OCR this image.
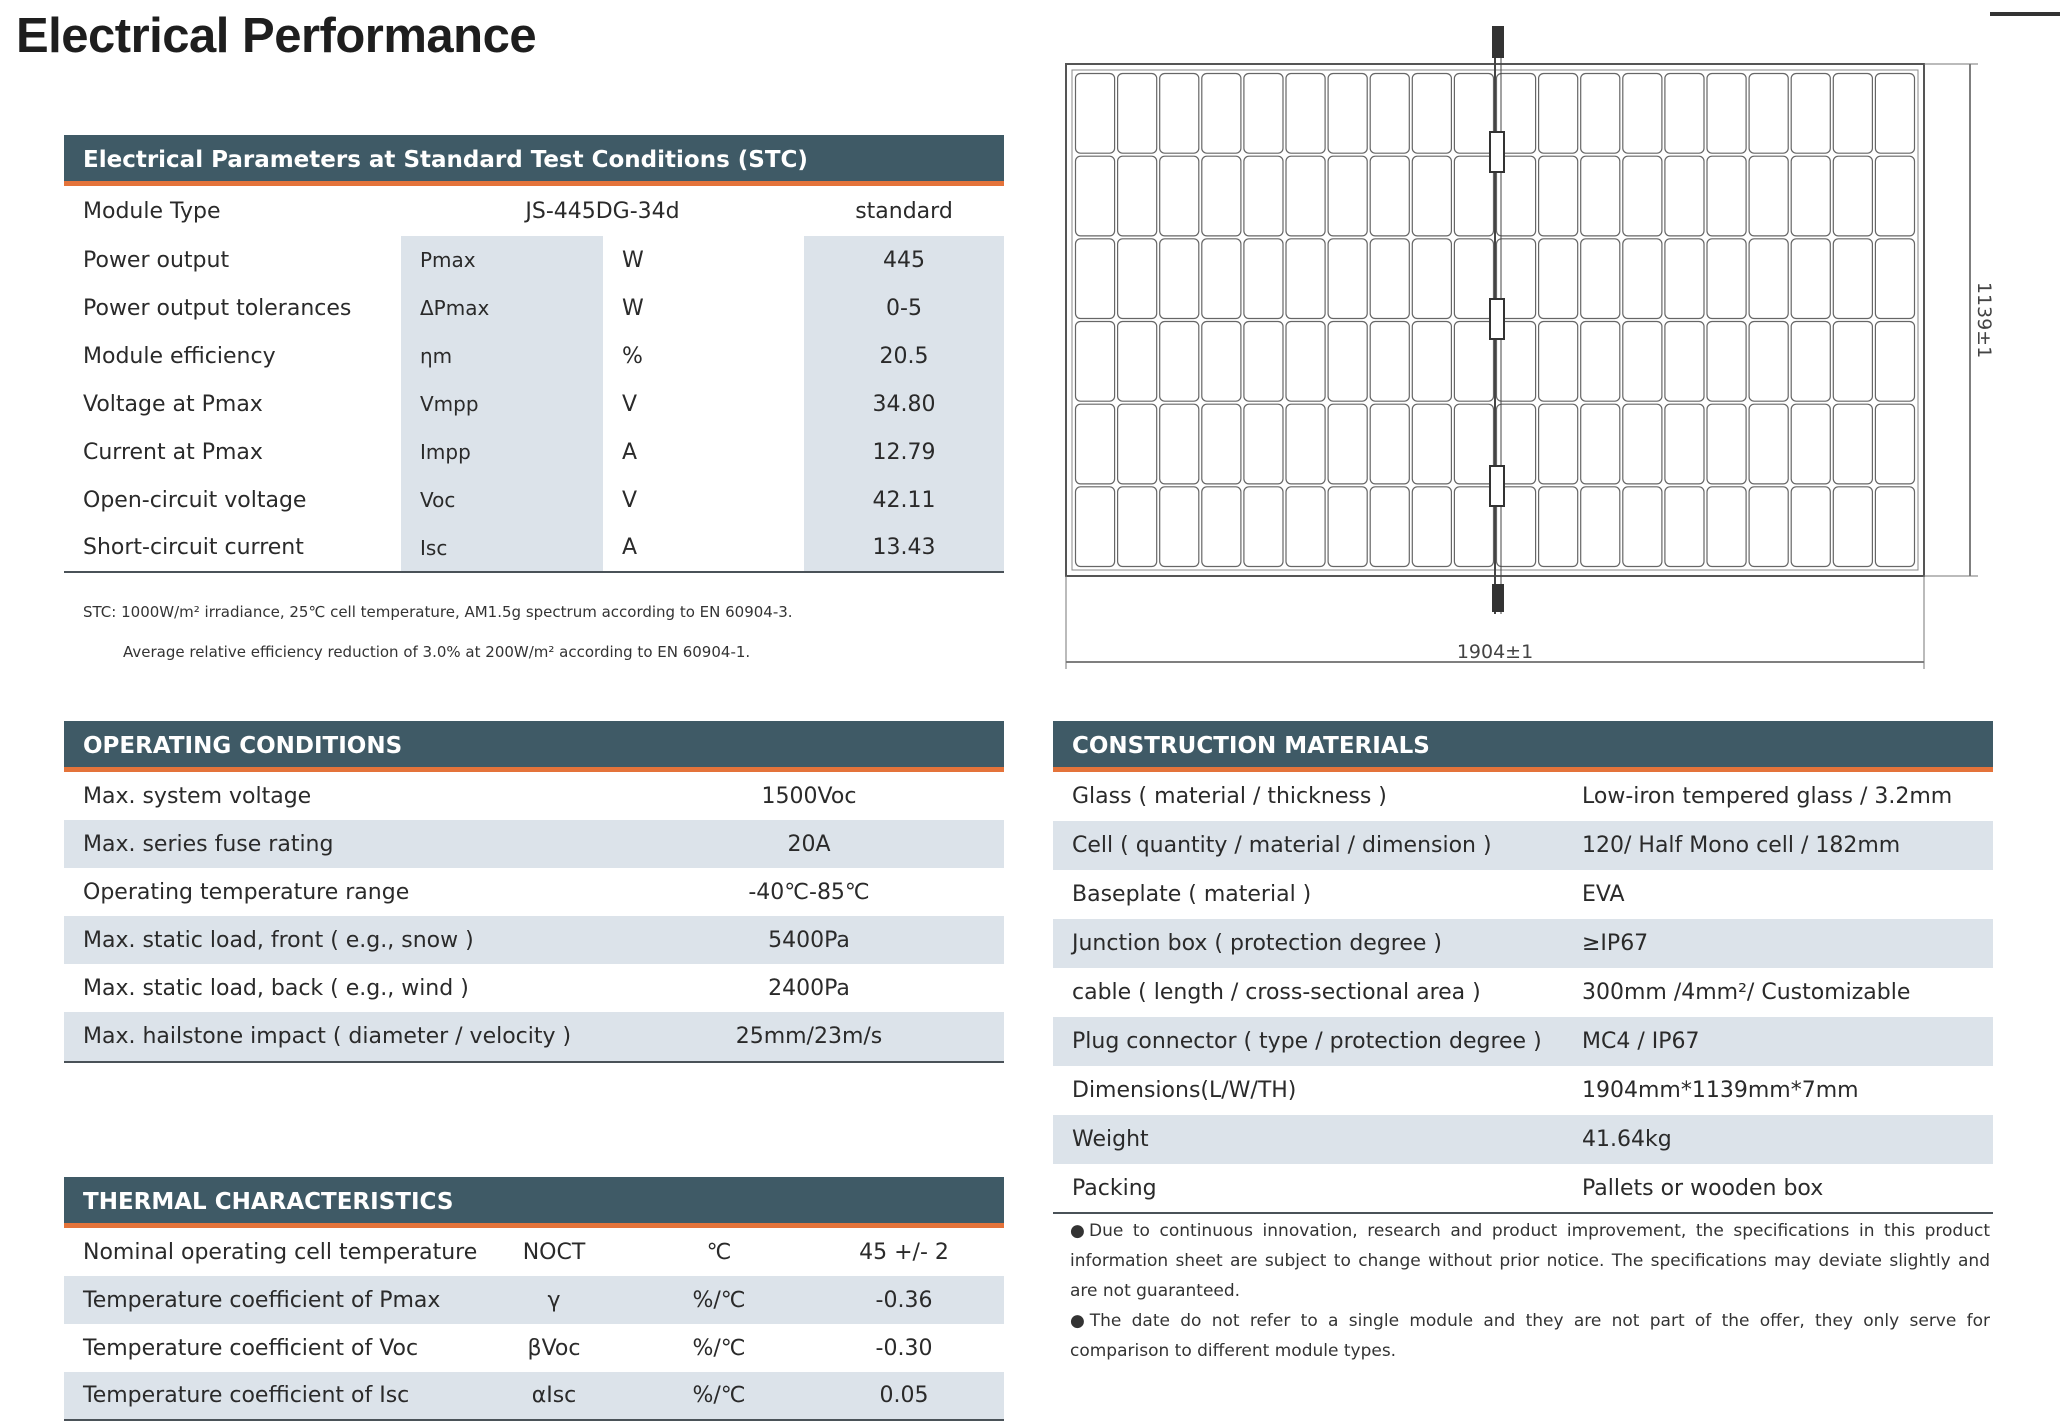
Electrical Performance
Electrical Parameters at Standard Test Conditions (STC)
Module Type	JS-445DG-34d		standard
Power output	Pmax	W	445
Power output tolerances	ΔPmax	W	0-5
Module efficiency	ηm	%	20.5
Voltage at Pmax	Vmpp	V	34.80
Current at Pmax	Impp	A	12.79
Open-circuit voltage	Voc	V	42.11
Short-circuit current	Isc	A	13.43
STC: 1000W/m² irradiance, 25℃ cell temperature, AM1.5g spectrum according to EN 60904-3.
Average relative efficiency reduction of 3.0% at 200W/m² according to EN 60904-1.
OPERATING CONDITIONS
Max. system voltage	1500Voc
Max. series fuse rating	20A
Operating temperature range	-40℃-85℃
Max. static load, front ( e.g., snow )	5400Pa
Max. static load, back ( e.g., wind )	2400Pa
Max. hailstone impact ( diameter / velocity )	25mm/23m/s
THERMAL CHARACTERISTICS
Nominal operating cell temperature	NOCT	℃	45 +/- 2
Temperature coefficient of Pmax	γ	%/℃	-0.36
Temperature coefficient of Voc	βVoc	%/℃	-0.30
Temperature coefficient of Isc	αIsc	%/℃	0.05
CONSTRUCTION MATERIALS
Glass ( material / thickness )	Low-iron tempered glass / 3.2mm
Cell ( quantity / material / dimension )	120/ Half Mono cell / 182mm
Baseplate ( material )	EVA
Junction box ( protection degree )	≥IP67
cable ( length / cross-sectional area )	300mm /4mm²/ Customizable
Plug connector ( type / protection degree )	MC4 / IP67
Dimensions(L/W/TH)	1904mm*1139mm*7mm
Weight	41.64kg
Packing	Pallets or wooden box

●Due to continuous innovation, research and product improvement, the specifications in this product information sheet are subject to change without prior notice. The specifications may deviate slightly and are not guaranteed.

●The date do not refer to a single module and they are not part of the offer, they only serve for comparison to different module types.

1904±1
1139±1
